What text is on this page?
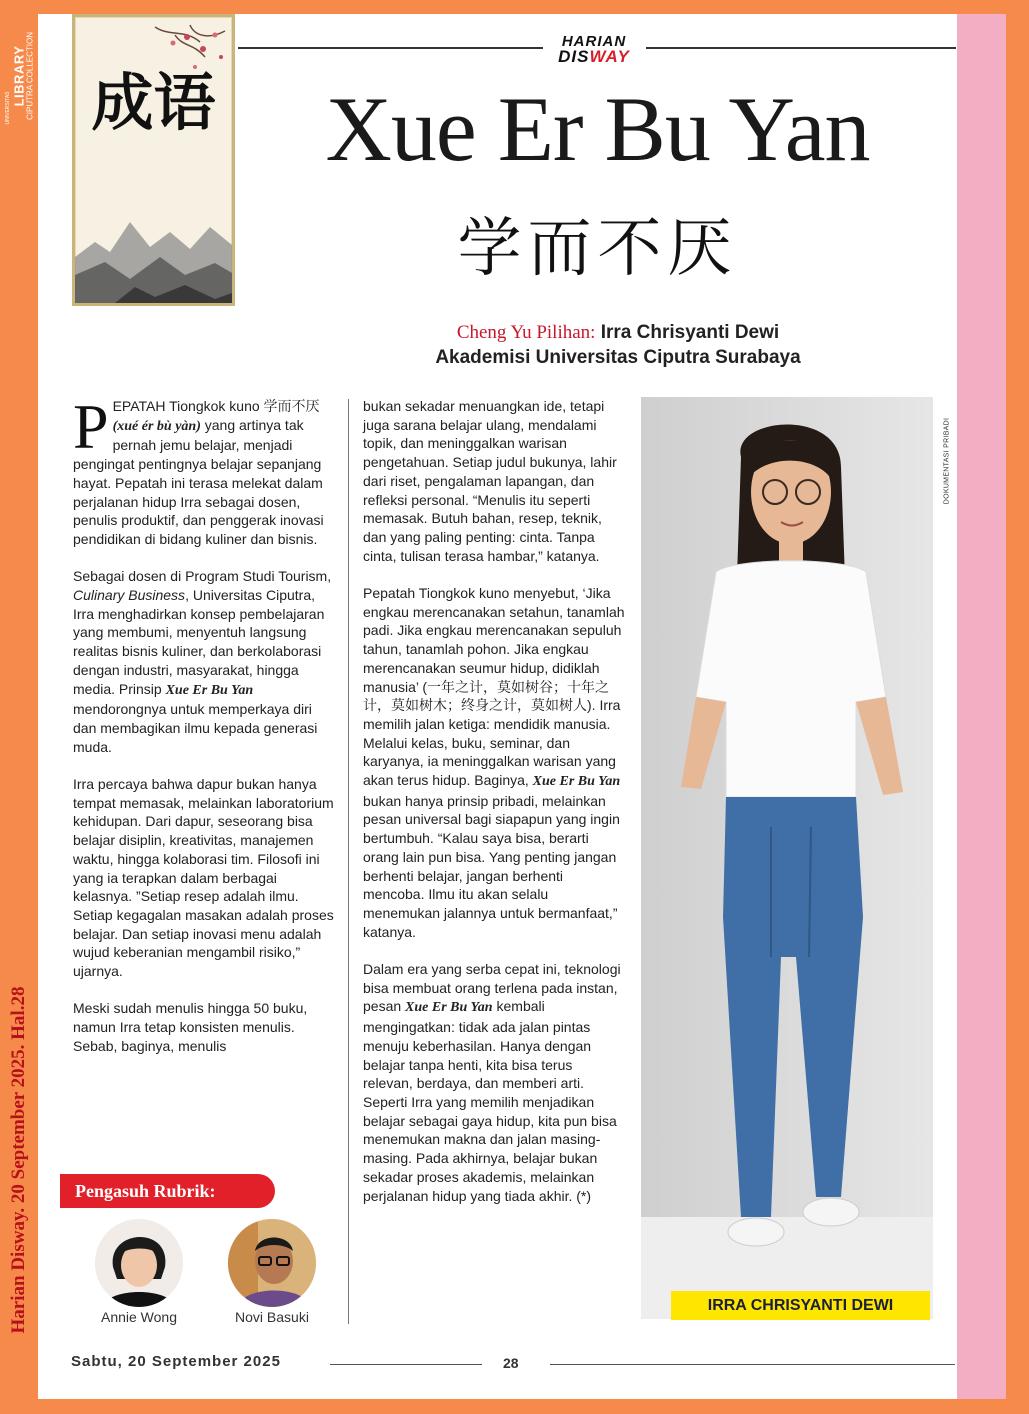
Harian Disway. 20 September 2025. Hal.28
UNIVERSITAS
LIBRARY CIPUTRA COLLECTION 成语
HARIAN
DISWAY
Xue Er Bu Yan
学而不厌
Cheng Yu Pilihan: Irra Chrisyanti Dewi
Akademisi Universitas Ciputra Surabaya

PEPATAH Tiongkok kuno 学而不厌 (xué ér bù yàn) yang artinya tak pernah jemu belajar, menjadi pengingat pentingnya belajar sepanjang hayat. Pepatah ini terasa melekat dalam perjalanan hidup Irra sebagai dosen, penulis produktif, dan penggerak inovasi pendidikan di bidang kuliner dan bisnis.

Sebagai dosen di Program Studi Tourism, Culinary Business, Universitas Ciputra, Irra menghadirkan konsep pembelajaran yang membumi, menyentuh langsung realitas bisnis kuliner, dan berkolaborasi dengan industri, masyarakat, hingga media. Prinsip Xue Er Bu Yan mendorongnya untuk memperkaya diri dan membagikan ilmu kepada generasi muda.

Irra percaya bahwa dapur bukan hanya tempat memasak, melainkan laboratorium kehidupan. Dari dapur, seseorang bisa belajar disiplin, kreativitas, manajemen waktu, hingga kolaborasi tim. Filosofi ini yang ia terapkan dalam berbagai kelasnya. ”Setiap resep adalah ilmu. Setiap kegagalan masakan adalah proses belajar. Dan setiap inovasi menu adalah wujud keberanian mengambil risiko,” ujarnya.

Meski sudah menulis hingga 50 buku, namun Irra tetap konsisten menulis. Sebab, baginya, menulis

bukan sekadar menuangkan ide, tetapi juga sarana belajar ulang, mendalami topik, dan meninggalkan warisan pengetahuan. Setiap judul bukunya, lahir dari riset, pengalaman lapangan, dan refleksi personal. “Menulis itu seperti memasak. Butuh bahan, resep, teknik, dan yang paling penting: cinta. Tanpa cinta, tulisan terasa hambar,” katanya.

Pepatah Tiongkok kuno menyebut, ‘Jika engkau merencanakan setahun, tanamlah padi. Jika engkau merencanakan sepuluh tahun, tanamlah pohon. Jika engkau merencanakan seumur hidup, didiklah manusia’ (一年之计，莫如树谷；十年之计，莫如树木；终身之计，莫如树人). Irra memilih jalan ketiga: mendidik manusia. Melalui kelas, buku, seminar, dan karyanya, ia meninggalkan warisan yang akan terus hidup. Baginya, Xue Er Bu Yan bukan hanya prinsip pribadi, melainkan pesan universal bagi siapapun yang ingin bertumbuh. “Kalau saya bisa, berarti orang lain pun bisa. Yang penting jangan berhenti belajar, jangan berhenti mencoba. Ilmu itu akan selalu menemukan jalannya untuk bermanfaat,” katanya.

Dalam era yang serba cepat ini, teknologi bisa membuat orang terlena pada instan, pesan Xue Er Bu Yan kembali mengingatkan: tidak ada jalan pintas menuju keberhasilan. Hanya dengan belajar tanpa henti, kita bisa terus relevan, berdaya, dan memberi arti. Seperti Irra yang memilih menjadikan belajar sebagai gaya hidup, kita pun bisa menemukan makna dan jalan masing-masing. Pada akhirnya, belajar bukan sekadar proses akademis, melainkan perjalanan hidup yang tiada akhir. (*)

DOKUMENTASI PRIBADI
IRRA CHRISYANTI DEWI
Pengasuh Rubrik:
Annie Wong	Novi Basuki
Sabtu, 20 September 2025	28
